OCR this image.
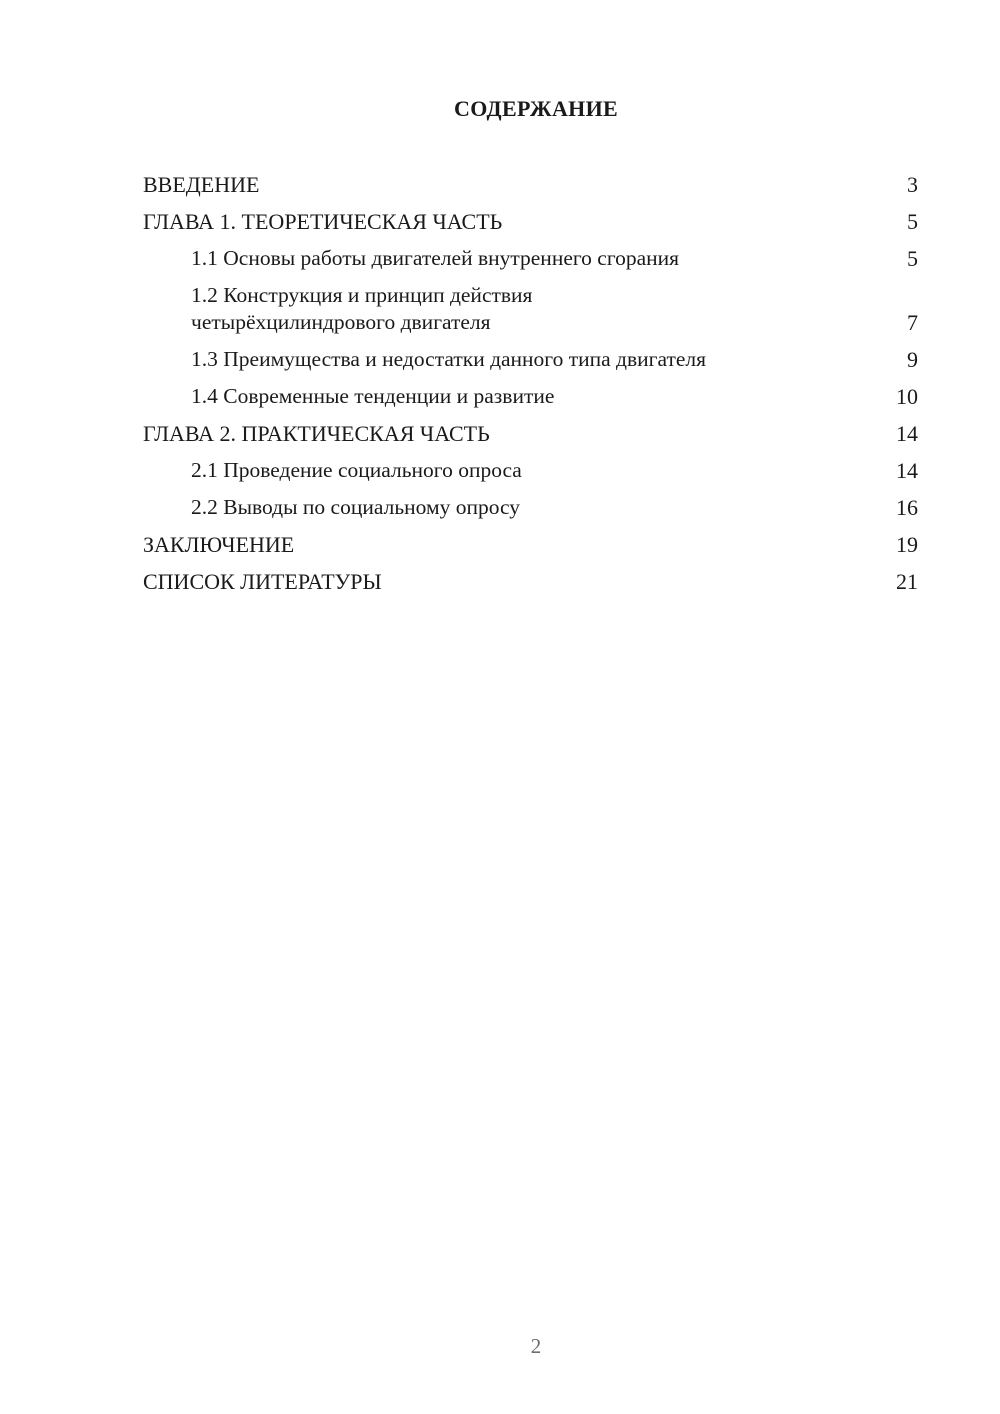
СОДЕРЖАНИЕ
ВВЕДЕНИЕ	3
ГЛАВА 1. ТЕОРЕТИЧЕСКАЯ ЧАСТЬ	5
1.1 Основы работы двигателей внутреннего сгорания	5
1.2 Конструкция и принцип действия
четырёхцилиндрового двигателя	7
1.3 Преимущества и недостатки данного типа двигателя	9
1.4 Современные тенденции и развитие	10
ГЛАВА 2. ПРАКТИЧЕСКАЯ ЧАСТЬ	14
2.1 Проведение социального опроса	14
2.2 Выводы по социальному опросу	16
ЗАКЛЮЧЕНИЕ	19
СПИСОК ЛИТЕРАТУРЫ	21
2
